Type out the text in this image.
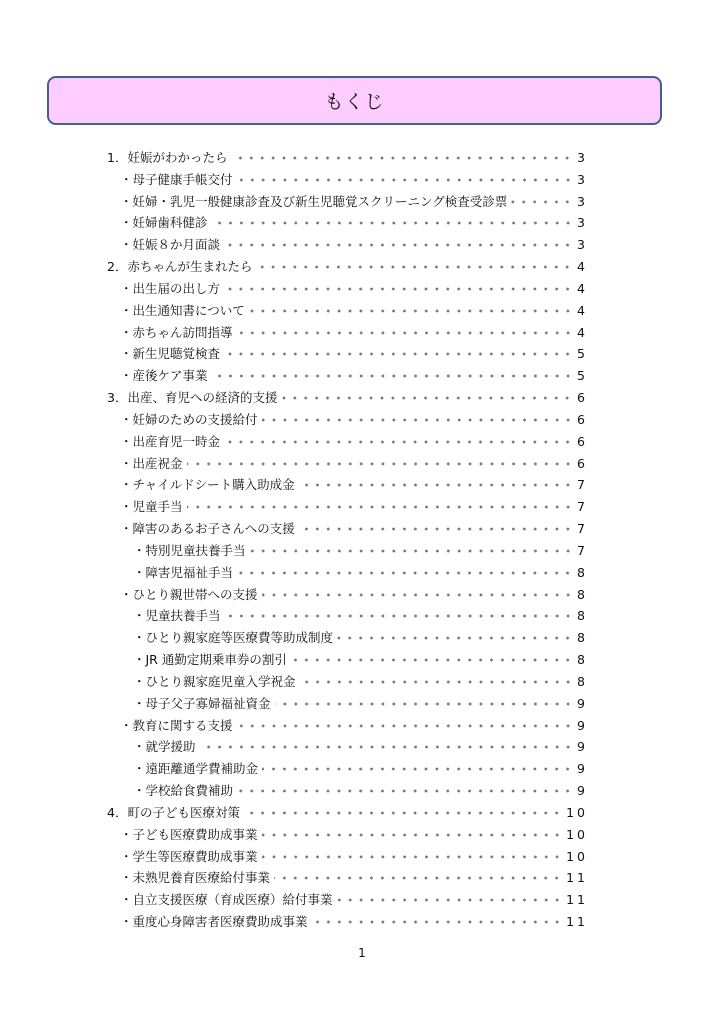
もくじ
1．妊娠がわかったら	3
・母子健康手帳交付	3
・妊婦・乳児一般健康診査及び新生児聴覚スクリーニング検査受診票	3
・妊婦歯科健診	3
・妊娠８か月面談	3
2．赤ちゃんが生まれたら	4
・出生届の出し方	4
・出生通知書について	4
・赤ちゃん訪問指導	4
・新生児聴覚検査	5
・産後ケア事業	5
3．出産、育児への経済的支援	6
・妊婦のための支援給付	6
・出産育児一時金	6
・出産祝金	6
・チャイルドシート購入助成金	7
・児童手当	7
・障害のあるお子さんへの支援	7
・特別児童扶養手当	7
・障害児福祉手当	8
・ひとり親世帯への支援	8
・児童扶養手当	8
・ひとり親家庭等医療費等助成制度	8
・JR 通勤定期乗車券の割引	8
・ひとり親家庭児童入学祝金	8
・母子父子寡婦福祉資金	9
・教育に関する支援	9
・就学援助	9
・遠距離通学費補助金	9
・学校給食費補助	9
4．町の子ども医療対策	10
・子ども医療費助成事業	10
・学生等医療費助成事業	10
・未熟児養育医療給付事業	11
・自立支援医療（育成医療）給付事業	11
・重度心身障害者医療費助成事業	11
1
